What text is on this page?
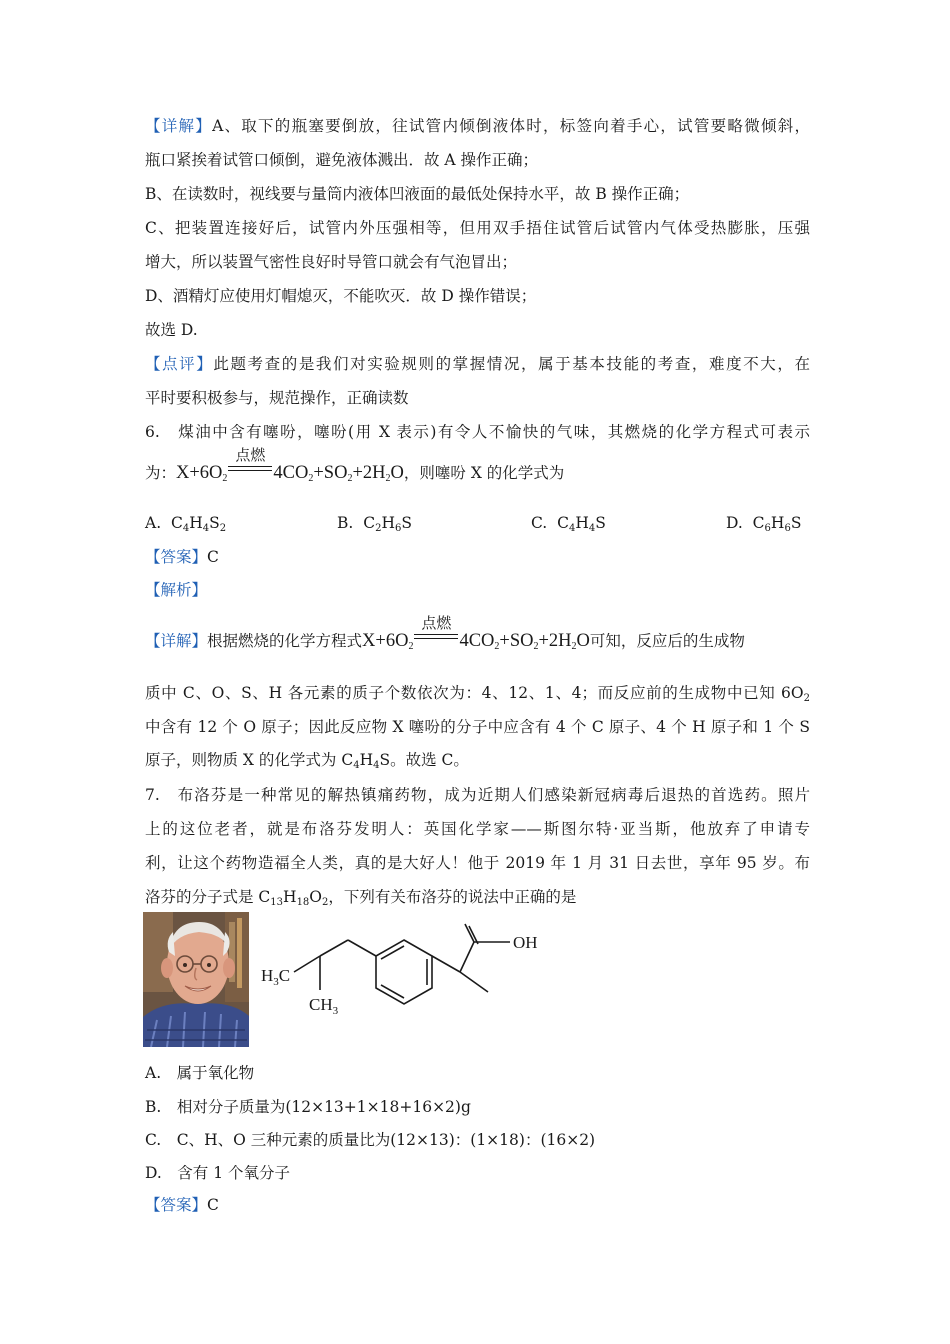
【详解】A、取下的瓶塞要倒放，往试管内倾倒液体时，标签向着手心，试管要略微倾斜，
瓶口紧挨着试管口倾倒，避免液体溅出．故 A 操作正确；
B、在读数时，视线要与量筒内液体凹液面的最低处保持水平，故 B 操作正确；
C、把装置连接好后，试管内外压强相等，但用双手捂住试管后试管内气体受热膨胀，压强
增大，所以装置气密性良好时导管口就会有气泡冒出；
D、酒精灯应使用灯帽熄灭，不能吹灭．故 D 操作错误；
故选 D.
【点评】此题考查的是我们对实验规则的掌握情况，属于基本技能的考查，难度不大，在
平时要积极参与，规范操作，正确读数
6.　煤油中含有噻吩，噻吩(用 X 表示)有令人不愉快的气味，其燃烧的化学方程式可表示
为：$X+6O_2$
点燃
$4CO_2+SO_2+2H_2O$，则噻吩 X 的化学式为
A. $C_4H_4S_2$	B. $C_2H_6S$	C. $C_4H_4S$	D. $C_6H_6S$
【答案】C
【解析】
【详解】根据燃烧的化学方程式$X+6O_2$
点燃
$4CO_2+SO_2+2H_2O$可知，反应后的生成物
质中 C、O、S、H 各元素的质子个数依次为：4、12、1、4；而反应前的生成物中已知 $6O_2$
中含有 12 个 O 原子；因此反应物 X 噻吩的分子中应含有 4 个 C 原子、4 个 H 原子和 1 个 S
原子，则物质 X 的化学式为 $C_4H_4S$。故选 C。
7.　布洛芬是一种常见的解热镇痛药物，成为近期人们感染新冠病毒后退热的首选药。照片
上的这位老者，就是布洛芬发明人：英国化学家——斯图尔特·亚当斯，他放弃了申请专
利，让这个药物造福全人类，真的是大好人！他于 2019 年 1 月 31 日去世，享年 95 岁。布
洛芬的分子式是 $C_{13}H_{18}O_2$，下列有关布洛芬的说法中正确的是
OH
$H_3C$
$CH_3$
A.　属于氧化物
B.　相对分子质量为(12×13+1×18+16×2)g
C.　C、H、O 三种元素的质量比为(12×13)：(1×18)：(16×2)
D.　含有 1 个氧分子
【答案】C
